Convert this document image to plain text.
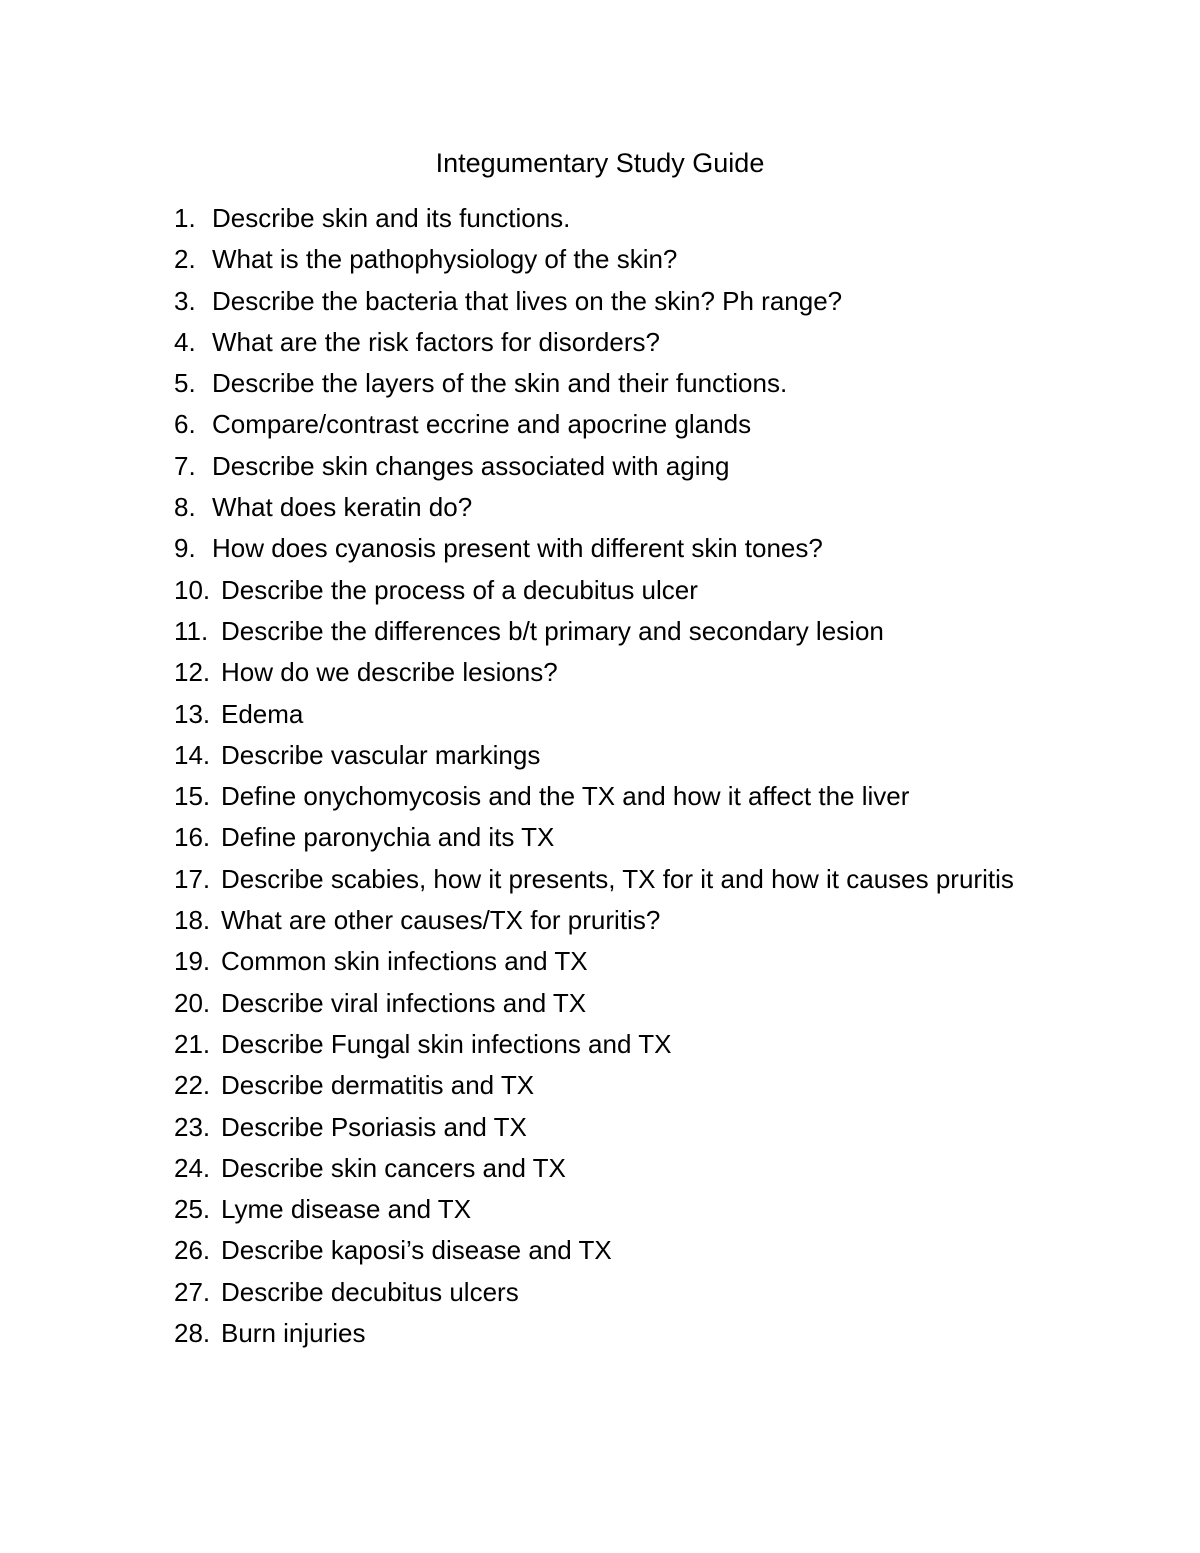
Integumentary Study Guide
1. Describe skin and its functions.
2. What is the pathophysiology of the skin?
3. Describe the bacteria that lives on the skin? Ph range?
4. What are the risk factors for disorders?
5. Describe the layers of the skin and their functions.
6. Compare/contrast eccrine and apocrine glands
7. Describe skin changes associated with aging
8. What does keratin do?
9. How does cyanosis present with different skin tones?
10. Describe the process of a decubitus ulcer
11. Describe the differences b/t primary and secondary lesion
12. How do we describe lesions?
13. Edema
14. Describe vascular markings
15. Define onychomycosis and the TX and how it affect the liver
16. Define paronychia and its TX
17. Describe scabies, how it presents, TX for it and how it causes pruritis
18. What are other causes/TX for pruritis?
19. Common skin infections and TX
20. Describe viral infections and TX
21. Describe Fungal skin infections and TX
22. Describe dermatitis and TX
23. Describe Psoriasis and TX
24. Describe skin cancers and TX
25. Lyme disease and TX
26. Describe kaposi’s disease and TX
27. Describe decubitus ulcers
28. Burn injuries
